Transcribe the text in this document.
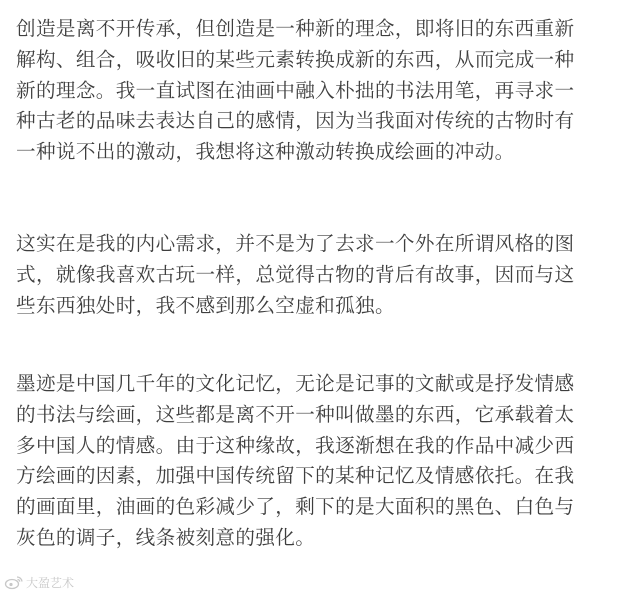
创造是离不开传承，但创造是一种新的理念，即将旧的东西重新
解构、组合，吸收旧的某些元素转换成新的东西，从而完成一种
新的理念。我一直试图在油画中融入朴拙的书法用笔，再寻求一
种古老的品味去表达自己的感情，因为当我面对传统的古物时有
一种说不出的激动，我想将这种激动转换成绘画的冲动。
这实在是我的内心需求，并不是为了去求一个外在所谓风格的图
式，就像我喜欢古玩一样，总觉得古物的背后有故事，因而与这
些东西独处时，我不感到那么空虚和孤独。
墨迹是中国几千年的文化记忆，无论是记事的文献或是抒发情感
的书法与绘画，这些都是离不开一种叫做墨的东西，它承载着太
多中国人的情感。由于这种缘故，我逐渐想在我的作品中减少西
方绘画的因素，加强中国传统留下的某种记忆及情感依托。在我
的画面里，油画的色彩减少了，剩下的是大面积的黑色、白色与
灰色的调子，线条被刻意的强化。
大盈艺术
